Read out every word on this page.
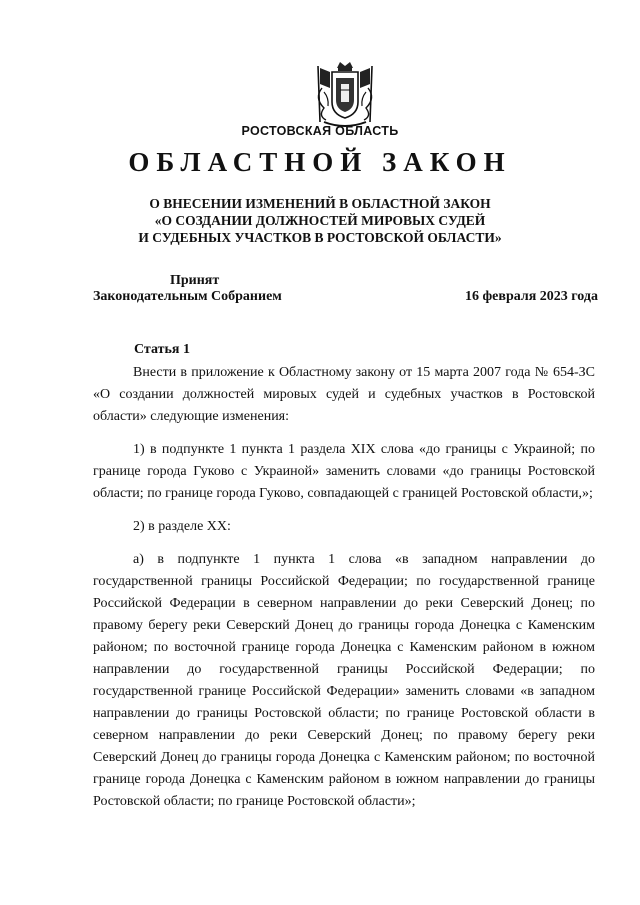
РОСТОВСКАЯ ОБЛАСТЬ
ОБЛАСТНОЙ ЗАКОН
О ВНЕСЕНИИ ИЗМЕНЕНИЙ В ОБЛАСТНОЙ ЗАКОН
«О СОЗДАНИИ ДОЛЖНОСТЕЙ МИРОВЫХ СУДЕЙ
И СУДЕБНЫХ УЧАСТКОВ В РОСТОВСКОЙ ОБЛАСТИ»
Принят
Законодательным Собранием	16 февраля 2023 года
Статья 1

Внести в приложение к Областному закону от 15 марта 2007 года № 654-ЗС «О создании должностей мировых судей и судебных участков в Ростовской области» следующие изменения:

1) в подпункте 1 пункта 1 раздела XIX слова «до границы с Украиной; по границе города Гуково с Украиной» заменить словами «до границы Ростовской области; по границе города Гуково, совпадающей с границей Ростовской области,»;

2) в разделе XX:

а) в подпункте 1 пункта 1 слова «в западном направлении до государственной границы Российской Федерации; по государственной границе Российской Федерации в северном направлении до реки Северский Донец; по правому берегу реки Северский Донец до границы города Донецка с Каменским районом; по восточной границе города Донецка с Каменским районом в южном направлении до государственной границы Российской Федерации; по государственной границе Российской Федерации» заменить словами «в западном направлении до границы Ростовской области; по границе Ростовской области в северном направлении до реки Северский Донец; по правому берегу реки Северский Донец до границы города Донецка с Каменским районом; по восточной границе города Донецка с Каменским районом в южном направлении до границы Ростовской области; по границе Ростовской области»;
